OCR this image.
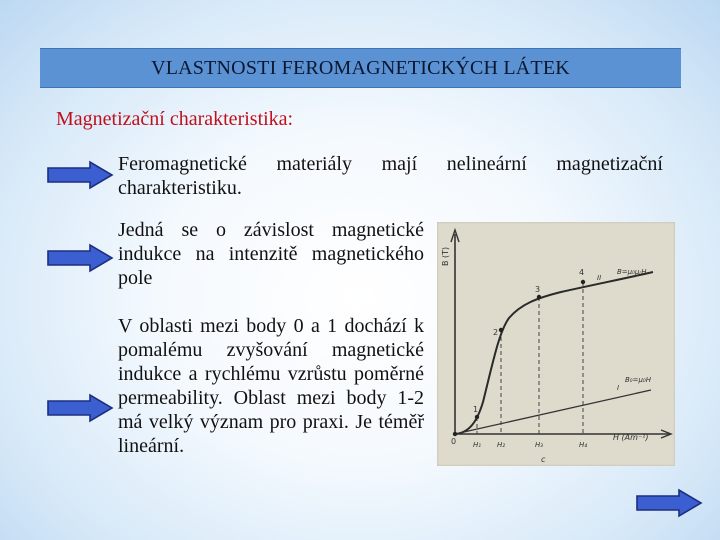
VLASTNOSTI FEROMAGNETICKÝCH LÁTEK
Magnetizační charakteristika:
Feromagnetické materiály mají nelineární magnetizační charakteristiku.
Jedná se o závislost magnetické indukce na intenzitě magnetického pole
V oblasti mezi body 0 a 1 dochází k pomalému zvyšování magnetické indukce a rychlému vzrůstu poměrné permeability. Oblast mezi body 1-2 má velký význam pro praxi. Je téměř lineární.
B (T)
H (Am⁻¹)
0
1
2
3
4
H₁ H₂	H₃	H₄
II
B=μ₀μᵣH
I
B₀=μ₀H
c
